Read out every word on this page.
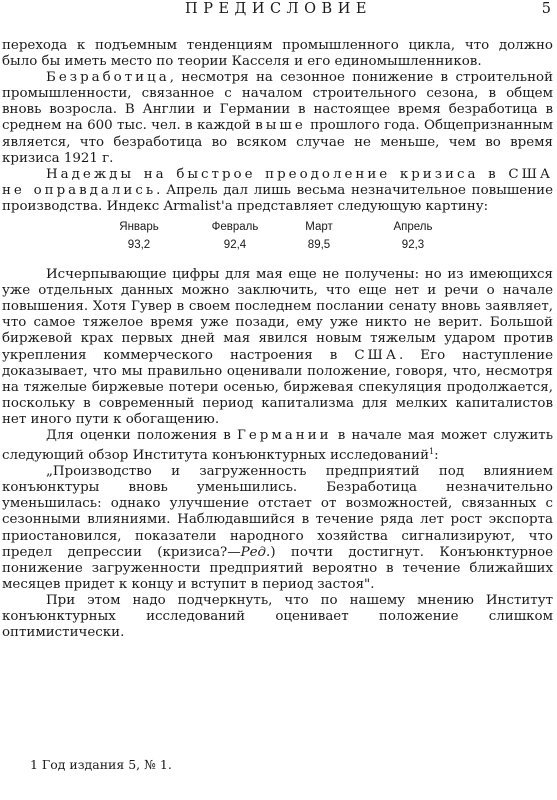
ПРЕДИСЛОВИЕ	5

перехода к подъемным тенденциям промышленного цикла, что должно было бы иметь место по теории Касселя и его единомышленников.

Безработица, несмотря на сезонное понижение в строительной промышленности, связанное с началом строительного сезона, в общем вновь возросла. В Англии и Германии в настоящее время безработица в среднем на 600 тыс. чел. в каждой выше прошлого года. Общепризнанным является, что безработица во всяком случае не меньше, чем во время кризиса 1921 г.

Надежды на быстрое преодоление кризиса в США не оправдались. Апрель дал лишь весьма незначительное повышение производства. Индекс Armalist'a представляет следующую картину:

Январь	Февраль	Март	Апрель
93,2	92,4	89,5	92,3

Исчерпывающие цифры для мая еще не получены: но из имеющихся уже отдельных данных можно заключить, что еще нет и речи о начале повышения. Хотя Гувер в своем последнем послании сенату вновь заявляет, что самое тяжелое время уже позади, ему уже никто не верит. Большой биржевой крах первых дней мая явился новым тяжелым ударом против укрепления коммерческого настроения в США. Его наступление доказывает, что мы правильно оценивали положение, говоря, что, несмотря на тяжелые биржевые потери осенью, биржевая спекуляция продолжается, поскольку в современный период капитализма для мелких капиталистов нет иного пути к обогащению.

Для оценки положения в Германии в начале мая может служить следующий обзор Института конъюнктурных исследований$^1$:

„Производство и загруженность предприятий под влиянием конъюнктуры вновь уменьшились. Безработица незначительно уменьшилась: однако улучшение отстает от возможностей, связанных с сезонными влияниями. Наблюдавшийся в течение ряда лет рост экспорта приостановился, показатели народного хозяйства сигнализируют, что предел депрессии (кризиса?—Ред.) почти достигнут. Конъюнктурное понижение загруженности предприятий вероятно в течение ближайших месяцев придет к концу и вступит в период застоя".

При этом надо подчеркнуть, что по нашему мнению Институт конъюнктурных исследований оценивает положение слишком оптимистически.

1 Год издания 5, № 1.
